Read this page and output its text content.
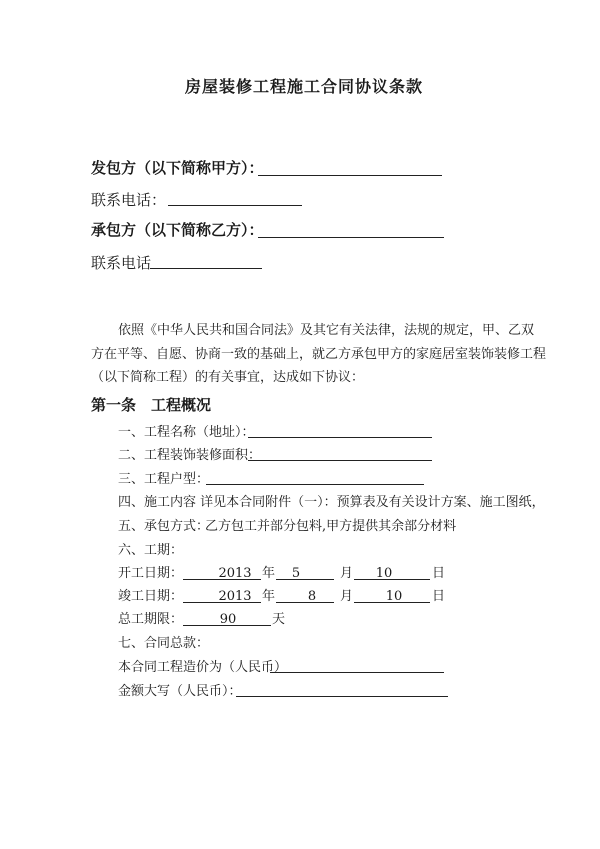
房屋装修工程施工合同协议条款
发包方（以下简称甲方）：
联系电话：
承包方（以下简称乙方）：
联系电话
依照《中华人民共和国合同法》及其它有关法律，法规的规定，甲、乙双
方在平等、自愿、协商一致的基础上，就乙方承包甲方的家庭居室装饰装修工程
（以下简称工程）的有关事宜，达成如下协议：
第一条　工程概况
一、工程名称（地址）：
二、工程装饰装修面积：
三、工程户型：
四、施工内容 详见本合同附件（一）：预算表及有关设计方案、施工图纸，
五、承包方式：
乙方包工并部分包料,甲方提供其余部分材料
六、工期：
开工日期：	2013 年	5	月	10	日
竣工日期：	2013 年	8	月	10	日
总工期限：	90	天
七、合同总款：
本合同工程造价为（人民币）
金额大写（人民币）：
